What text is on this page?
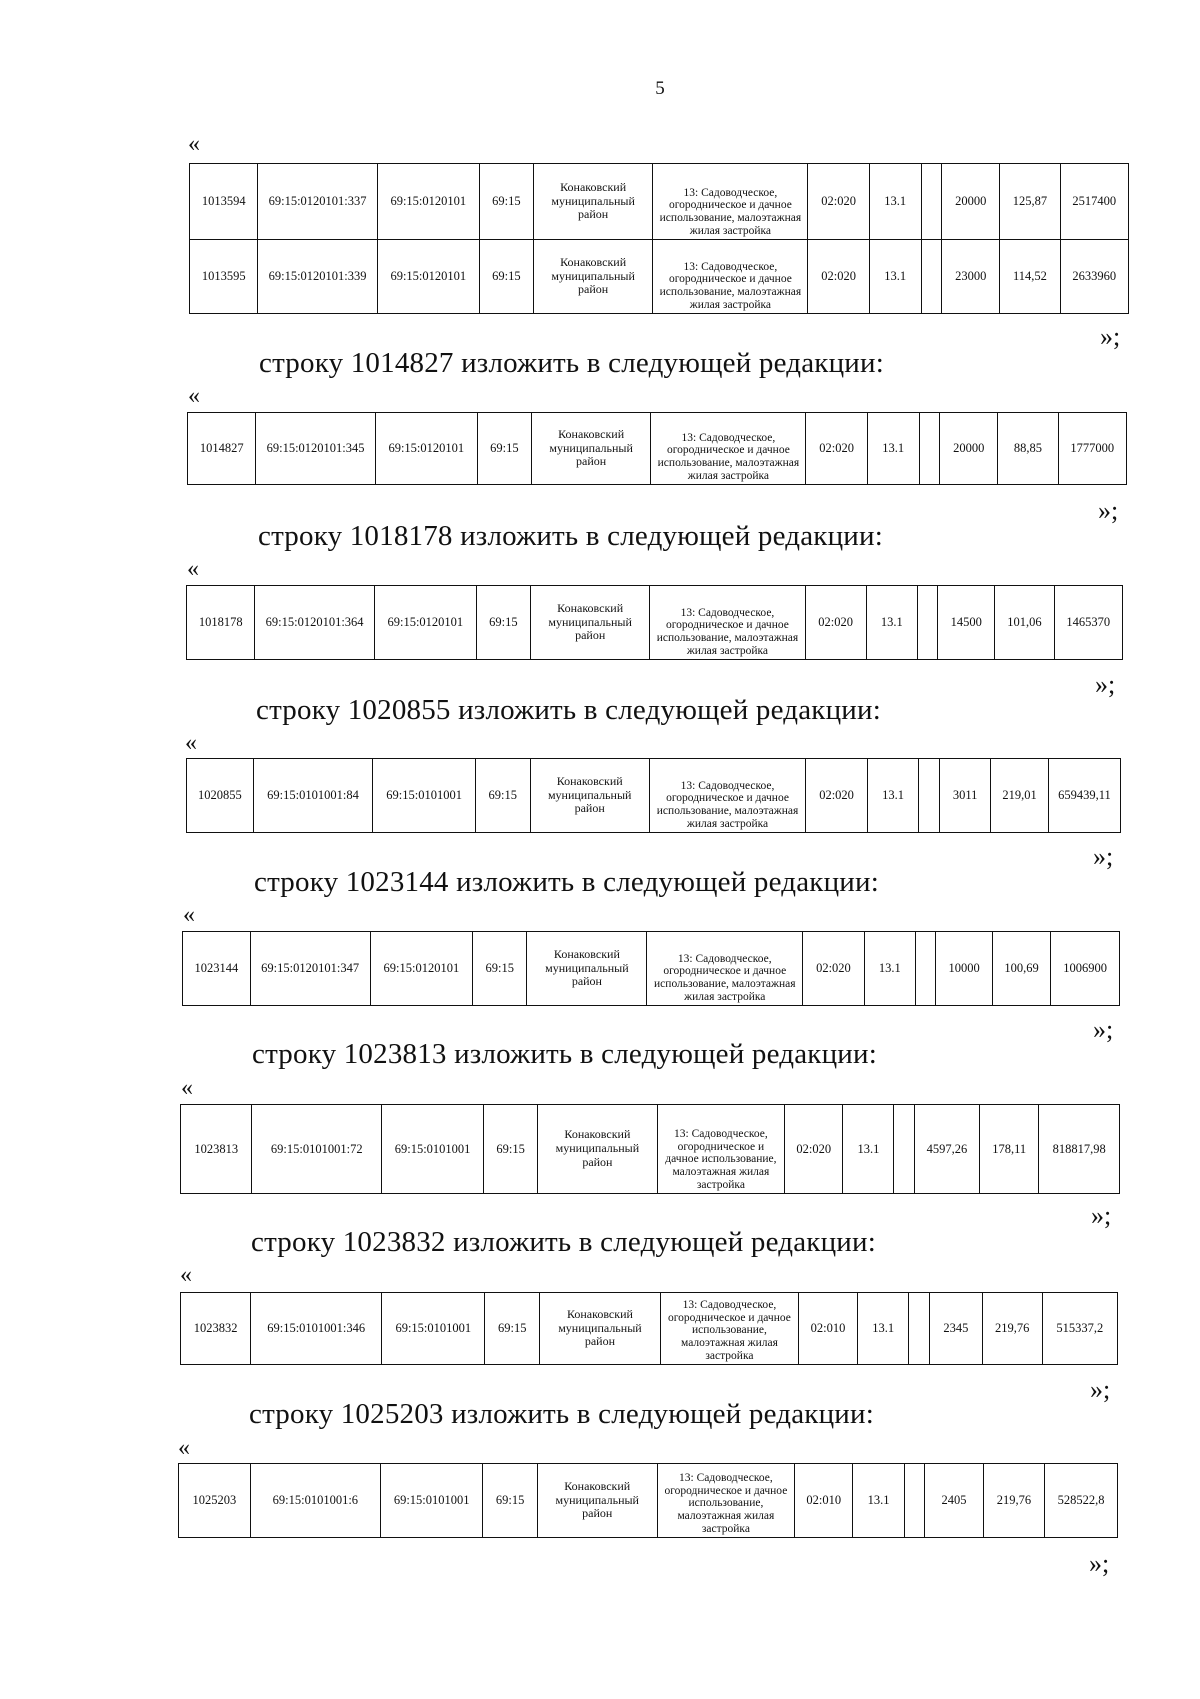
5
«
1013594	69:15:0120101:337	69:15:0120101	69:15	Конаковский муниципальный район	13: Садоводческое, огородническое и дачное использование, малоэтажная жилая застройка	02:020	13.1		20000	125,87	2517400
1013595	69:15:0120101:339	69:15:0120101	69:15	Конаковский муниципальный район	13: Садоводческое, огородническое и дачное использование, малоэтажная жилая застройка	02:020	13.1		23000	114,52	2633960
»;
строку 1014827 изложить в следующей редакции:
«
1014827	69:15:0120101:345	69:15:0120101	69:15	Конаковский муниципальный район	13: Садоводческое, огородническое и дачное использование, малоэтажная жилая застройка	02:020	13.1		20000	88,85	1777000
»;
строку 1018178 изложить в следующей редакции:
«
1018178	69:15:0120101:364	69:15:0120101	69:15	Конаковский муниципальный район	13: Садоводческое, огородническое и дачное использование, малоэтажная жилая застройка	02:020	13.1		14500	101,06	1465370
»;
строку 1020855 изложить в следующей редакции:
«
1020855	69:15:0101001:84	69:15:0101001	69:15	Конаковский муниципальный район	13: Садоводческое, огородническое и дачное использование, малоэтажная жилая застройка	02:020	13.1		3011	219,01	659439,11
»;
строку 1023144 изложить в следующей редакции:
«
1023144	69:15:0120101:347	69:15:0120101	69:15	Конаковский муниципальный район	13: Садоводческое, огородническое и дачное использование, малоэтажная жилая застройка	02:020	13.1		10000	100,69	1006900
»;
строку 1023813 изложить в следующей редакции:
«
1023813	69:15:0101001:72	69:15:0101001	69:15	Конаковский муниципальный район	13: Садоводческое, огородническое и дачное использование, малоэтажная жилая застройка	02:020	13.1		4597,26	178,11	818817,98
»;
строку 1023832 изложить в следующей редакции:
«
1023832	69:15:0101001:346	69:15:0101001	69:15	Конаковский муниципальный район	13: Садоводческое, огородническое и дачное использование, малоэтажная жилая застройка	02:010	13.1		2345	219,76	515337,2
»;
строку 1025203 изложить в следующей редакции:
«
1025203	69:15:0101001:6	69:15:0101001	69:15	Конаковский муниципальный район	13: Садоводческое, огородническое и дачное использование, малоэтажная жилая застройка	02:010	13.1		2405	219,76	528522,8
»;
